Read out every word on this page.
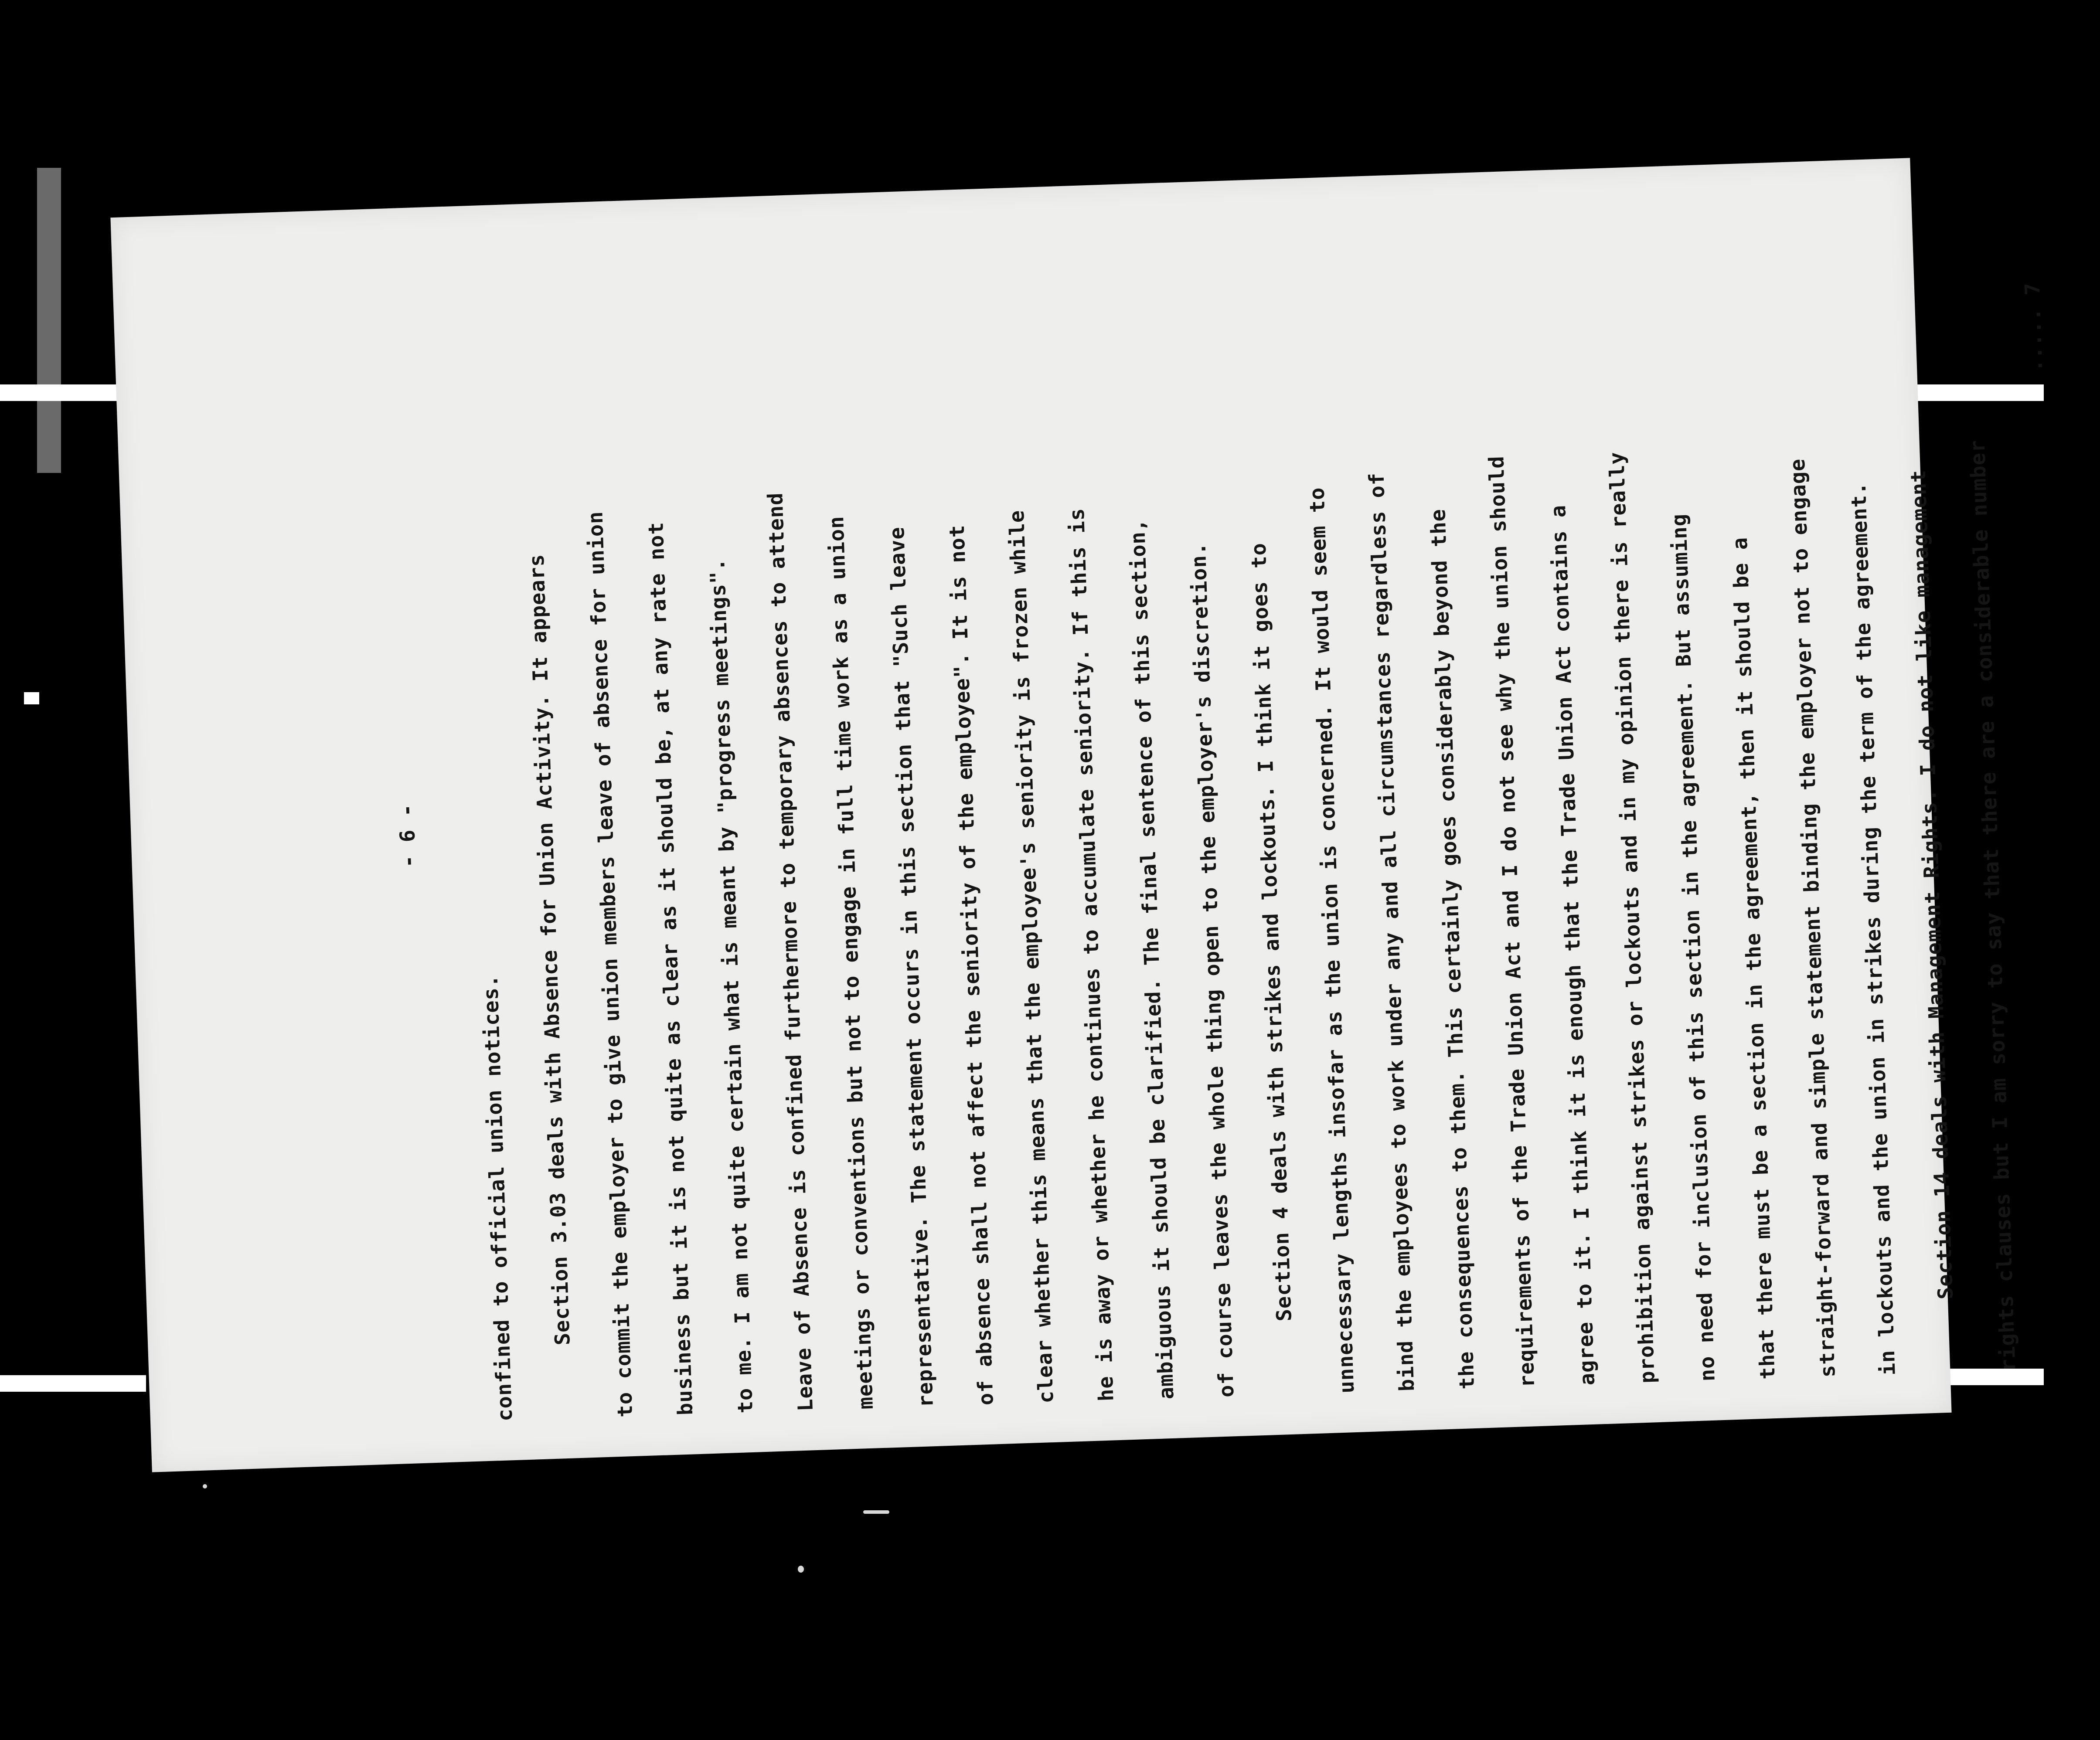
- 6 -
confined to official union notices. Section 3.03 deals with Absence for Union Activity. It appears to commit the employer to give union members leave of absence for union business but it is not quite as clear as it should be, at any rate not to me. I am not quite certain what is meant by "progress meetings". Leave of Absence is confined furthermore to temporary absences to attend meetings or conventions but not to engage in full time work as a union representative. The statement occurs in this section that "Such leave of absence shall not affect the seniority of the employee". It is not clear whether this means that the employee's seniority is frozen while he is away or whether he continues to accumulate seniority. If this is ambiguous it should be clarified. The final sentence of this section, of course leaves the whole thing open to the employer's discretion. Section 4 deals with strikes and lockouts. I think it goes to unnecessary lengths insofar as the union is concerned. It would seem to bind the employees to work under any and all circumstances regardless of the consequences to them. This certainly goes considerably beyond the requirements of the Trade Union Act and I do not see why the union should agree to it. I think it is enough that the Trade Union Act contains a prohibition against strikes or lockouts and in my opinion there is really no need for inclusion of this section in the agreement. But assuming that there must be a section in the agreement, then it should be a straight-forward and simple statement binding the employer not to engage in lockouts and the union in strikes during the term of the agreement. Section 14 deals with Management Rights. I do not like management rights clauses but I am sorry to say that there are a considerable number
..... 7
